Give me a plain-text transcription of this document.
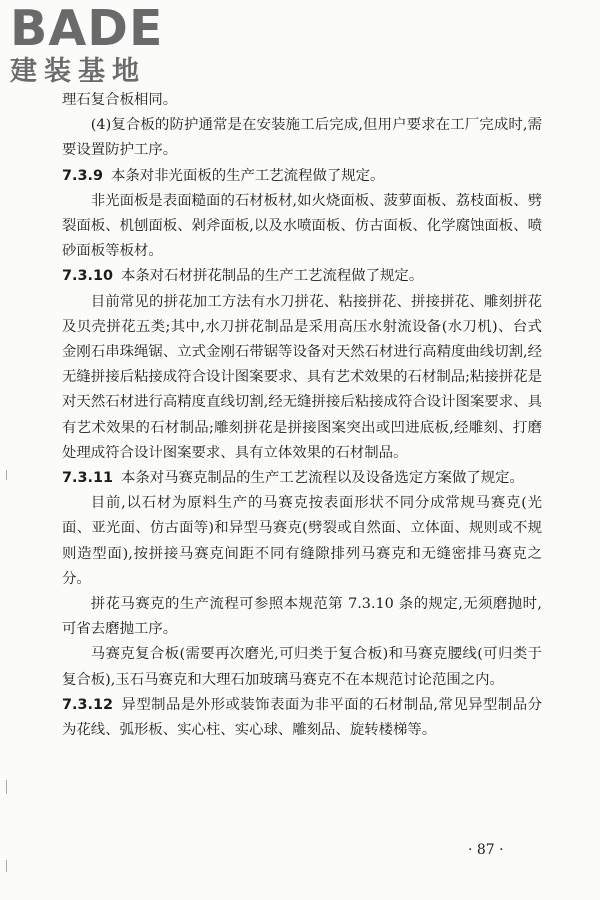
BADE
建装基地

理石复合板相同。

(4)复合板的防护通常是在安装施工后完成,但用户要求在工厂完成时,需要设置防护工序。

7.3.9 本条对非光面板的生产工艺流程做了规定。

非光面板是表面糙面的石材板材,如火烧面板、菠萝面板、荔枝面板、劈裂面板、机刨面板、剁斧面板,以及水喷面板、仿古面板、化学腐蚀面板、喷砂面板等板材。

7.3.10 本条对石材拼花制品的生产工艺流程做了规定。

目前常见的拼花加工方法有水刀拼花、粘接拼花、拼接拼花、雕刻拼花及贝壳拼花五类;其中,水刀拼花制品是采用高压水射流设备(水刀机)、台式金刚石串珠绳锯、立式金刚石带锯等设备对天然石材进行高精度曲线切割,经无缝拼接后粘接成符合设计图案要求、具有艺术效果的石材制品;粘接拼花是对天然石材进行高精度直线切割,经无缝拼接后粘接成符合设计图案要求、具有艺术效果的石材制品;雕刻拼花是拼接图案突出或凹进底板,经雕刻、打磨处理成符合设计图案要求、具有立体效果的石材制品。

7.3.11 本条对马赛克制品的生产工艺流程以及设备选定方案做了规定。

目前,以石材为原料生产的马赛克按表面形状不同分成常规马赛克(光面、亚光面、仿古面等)和异型马赛克(劈裂或自然面、立体面、规则或不规则造型面),按拼接马赛克间距不同有缝隙排列马赛克和无缝密排马赛克之分。

拼花马赛克的生产流程可参照本规范第 7.3.10 条的规定,无须磨抛时,可省去磨抛工序。

马赛克复合板(需要再次磨光,可归类于复合板)和马赛克腰线(可归类于复合板),玉石马赛克和大理石加玻璃马赛克不在本规范讨论范围之内。

7.3.12 异型制品是外形或装饰表面为非平面的石材制品,常见异型制品分为花线、弧形板、实心柱、实心球、雕刻品、旋转楼梯等。

· 87 ·
